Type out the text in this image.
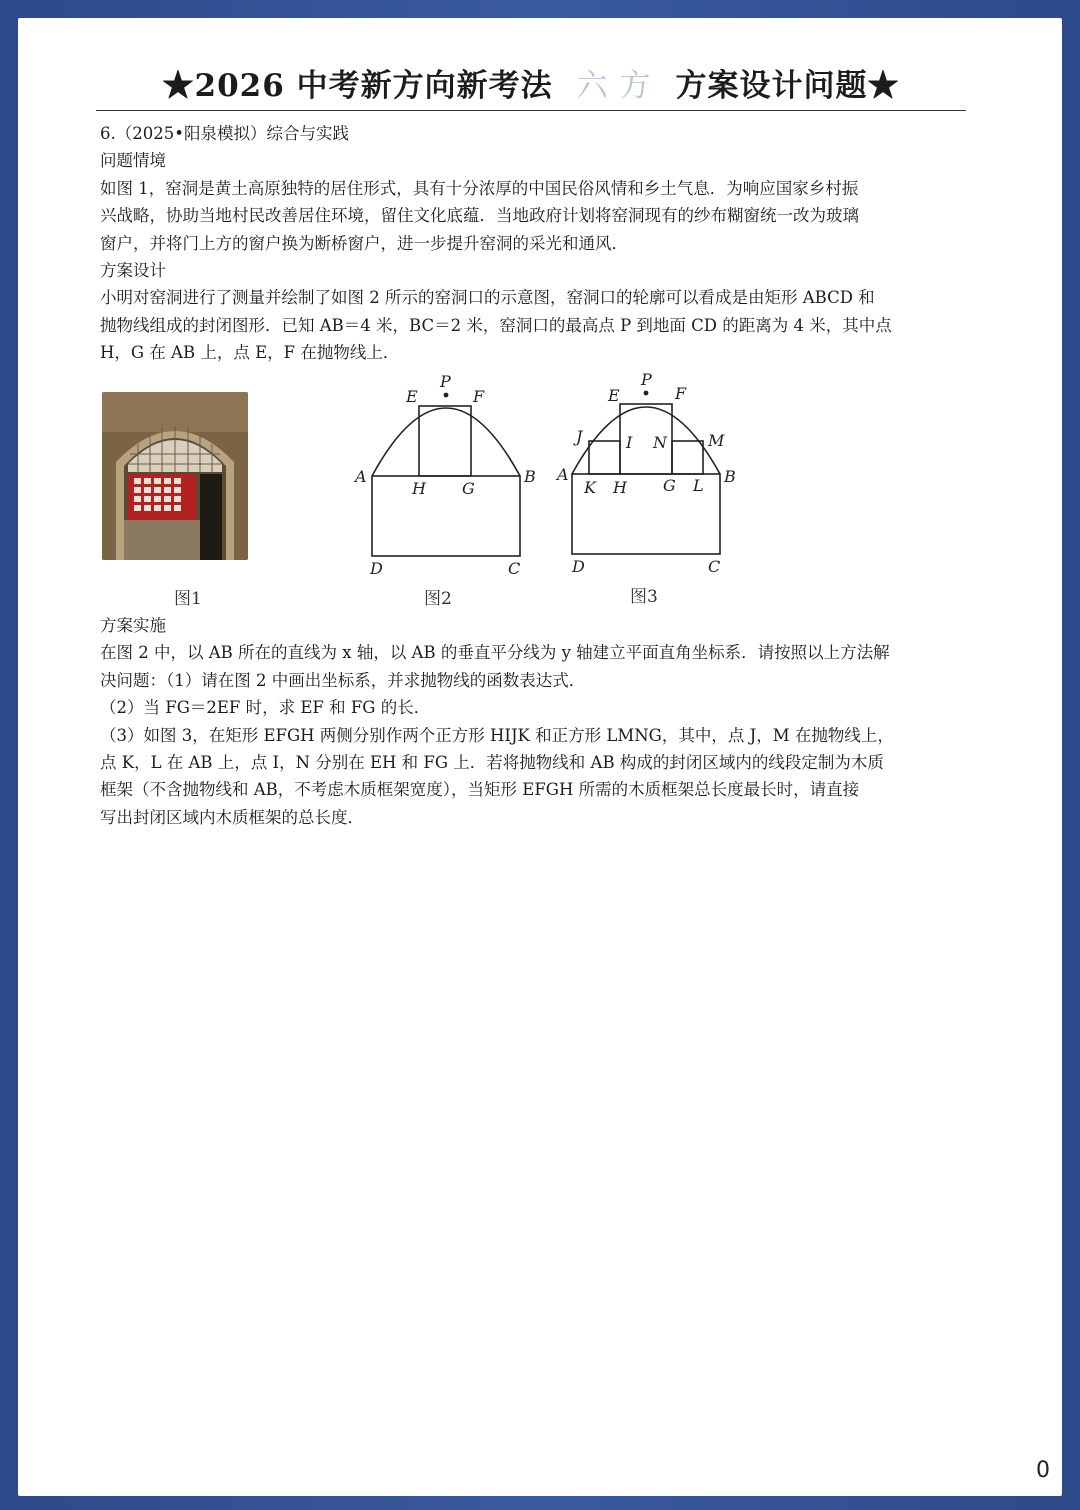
★2026 中考新方向新考法 六 方 方案设计问题★

6.（2025•阳泉模拟）综合与实践

问题情境

如图 1，窑洞是黄土高原独特的居住形式，具有十分浓厚的中国民俗风情和乡土气息．为响应国家乡村振

兴战略，协助当地村民改善居住环境，留住文化底蕴．当地政府计划将窑洞现有的纱布糊窗统一改为玻璃

窗户，并将门上方的窗户换为断桥窗户，进一步提升窑洞的采光和通风．

方案设计

小明对窑洞进行了测量并绘制了如图 2 所示的窑洞口的示意图，窑洞口的轮廓可以看成是由矩形 ABCD 和

抛物线组成的封闭图形．已知 AB＝4 米，BC＝2 米，窑洞口的最高点 P 到地面 CD 的距离为 4 米，其中点

H，G 在 AB 上，点 E，F 在抛物线上．

图1
P
E	F
A	B
H G
D	C
图2
P
E	F
J	I N	M
A	B
K H G L
D	C
图3

方案实施

在图 2 中，以 AB 所在的直线为 x 轴，以 AB 的垂直平分线为 y 轴建立平面直角坐标系．请按照以上方法解

决问题：（1）请在图 2 中画出坐标系，并求抛物线的函数表达式．

（2）当 FG＝2EF 时，求 EF 和 FG 的长．

（3）如图 3，在矩形 EFGH 两侧分别作两个正方形 HIJK 和正方形 LMNG，其中，点 J，M 在抛物线上，

点 K，L 在 AB 上，点 I，N 分别在 EH 和 FG 上．若将抛物线和 AB 构成的封闭区域内的线段定制为木质

框架（不含抛物线和 AB，不考虑木质框架宽度），当矩形 EFGH 所需的木质框架总长度最长时，请直接

写出封闭区域内木质框架的总长度．

0
